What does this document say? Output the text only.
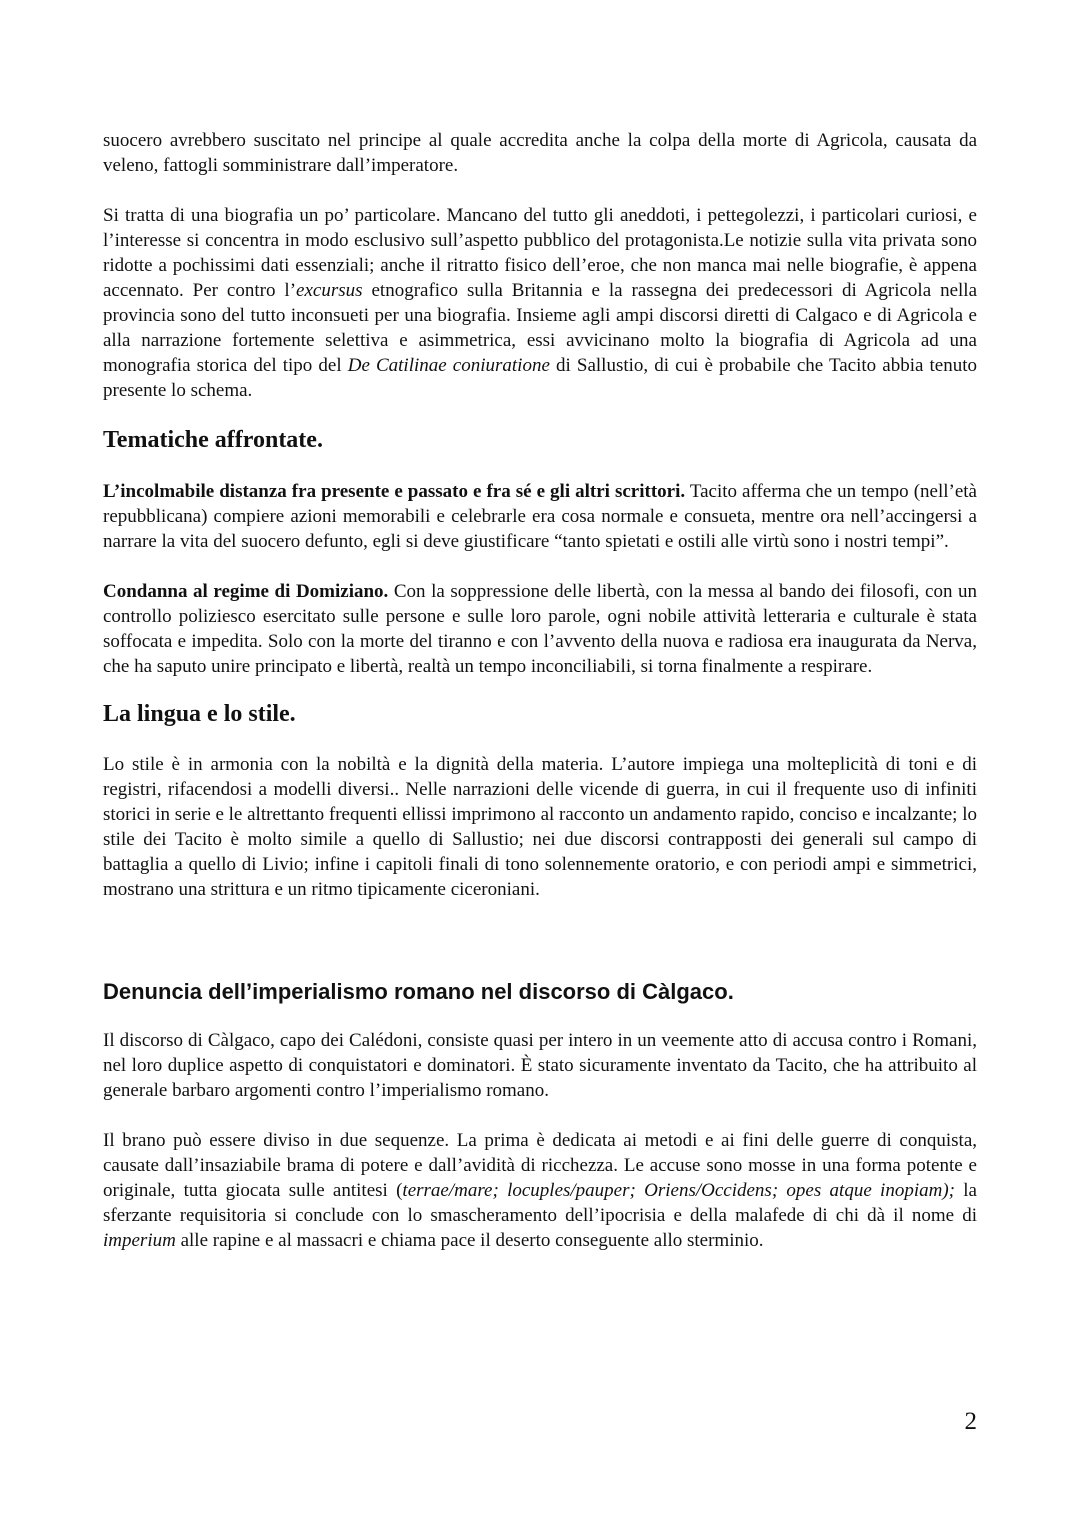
suocero avrebbero suscitato nel principe al quale accredita anche la colpa della morte di Agricola, causata da veleno, fattogli somministrare dall’imperatore.

Si tratta di una biografia un po’ particolare. Mancano del tutto gli aneddoti, i pettegolezzi, i particolari curiosi, e l’interesse si concentra in modo esclusivo sull’aspetto pubblico del protagonista.Le notizie sulla vita privata sono ridotte a pochissimi dati essenziali; anche il ritratto fisico dell’eroe, che non manca mai nelle biografie, è appena accennato. Per contro l’excursus etnografico sulla Britannia e la rassegna dei predecessori di Agricola nella provincia sono del tutto inconsueti per una biografia. Insieme agli ampi discorsi diretti di Calgaco e di Agricola e alla narrazione fortemente selettiva e asimmetrica, essi avvicinano molto la biografia di Agricola ad una monografia storica del tipo del De Catilinae coniuratione di Sallustio, di cui è probabile che Tacito abbia tenuto presente lo schema.

Tematiche affrontate.

L’incolmabile distanza fra presente e passato e fra sé e gli altri scrittori. Tacito afferma che un tempo (nell’età repubblicana) compiere azioni memorabili e celebrarle era cosa normale e consueta, mentre ora nell’accingersi a narrare la vita del suocero defunto, egli si deve giustificare “tanto spietati e ostili alle virtù sono i nostri tempi”.

Condanna al regime di Domiziano. Con la soppressione delle libertà, con la messa al bando dei filosofi, con un controllo poliziesco esercitato sulle persone e sulle loro parole, ogni nobile attività letteraria e culturale è stata soffocata e impedita. Solo con la morte del tiranno e con l’avvento della nuova e radiosa era inaugurata da Nerva, che ha saputo unire principato e libertà, realtà un tempo inconciliabili, si torna finalmente a respirare.

La lingua e lo stile.

Lo stile è in armonia con la nobiltà e la dignità della materia. L’autore impiega una molteplicità di toni e di registri, rifacendosi a modelli diversi.. Nelle narrazioni delle vicende di guerra, in cui il frequente uso di infiniti storici in serie e le altrettanto frequenti ellissi imprimono al racconto un andamento rapido, conciso e incalzante; lo stile dei Tacito è molto simile a quello di Sallustio; nei due discorsi contrapposti dei generali sul campo di battaglia a quello di Livio; infine i capitoli finali di tono solennemente oratorio, e con periodi ampi e simmetrici, mostrano una strittura e un ritmo tipicamente ciceroniani.

Denuncia dell’imperialismo romano nel discorso di Càlgaco.

Il discorso di Càlgaco, capo dei Calédoni, consiste quasi per intero in un veemente atto di accusa contro i Romani, nel loro duplice aspetto di conquistatori e dominatori. È stato sicuramente inventato da Tacito, che ha attribuito al generale barbaro argomenti contro l’imperialismo romano.

Il brano può essere diviso in due sequenze. La prima è dedicata ai metodi e ai fini delle guerre di conquista, causate dall’insaziabile brama di potere e dall’avidità di ricchezza. Le accuse sono mosse in una forma potente e originale, tutta giocata sulle antitesi (terrae/mare; locuples/pauper; Oriens/Occidens; opes atque inopiam); la sferzante requisitoria si conclude con lo smascheramento dell’ipocrisia e della malafede di chi dà il nome di imperium alle rapine e al massacri e chiama pace il deserto conseguente allo sterminio.

2
